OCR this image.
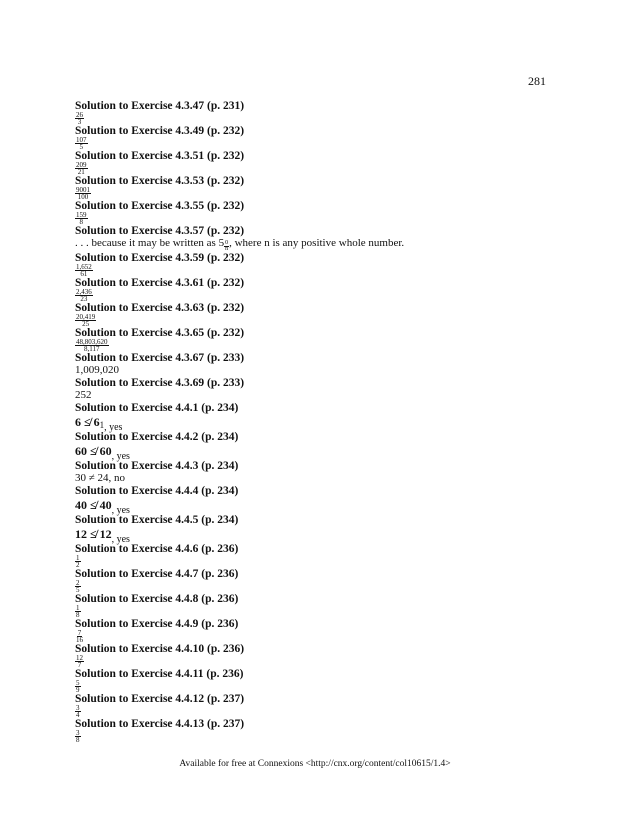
281
Solution to Exercise 4.3.47 (p. 231)
$\frac{26}{3}$
Solution to Exercise 4.3.49 (p. 232)
$\frac{107}{5}$
Solution to Exercise 4.3.51 (p. 232)
$\frac{209}{21}$
Solution to Exercise 4.3.53 (p. 232)
$\frac{9001}{100}$
Solution to Exercise 4.3.55 (p. 232)
$\frac{159}{8}$
Solution to Exercise 4.3.57 (p. 232)
. . . because it may be written as $5 \frac{0}{n}$ , where n is any positive whole number.
Solution to Exercise 4.3.59 (p. 232)
$\frac{1,652}{61}$
Solution to Exercise 4.3.61 (p. 232)
$\frac{2,436}{23}$
Solution to Exercise 4.3.63 (p. 232)
$\frac{20,419}{25}$
Solution to Exercise 4.3.65 (p. 232)
$\frac{48,803,620}{8,117}$
Solution to Exercise 4.3.67 (p. 233)
1,009,020
Solution to Exercise 4.3.69 (p. 233)
252
Solution to Exercise 4.4.1 (p. 234)
6 ≰ 61, yes
Solution to Exercise 4.4.2 (p. 234)
60 ≰ 60, yes
Solution to Exercise 4.4.3 (p. 234)
30 ≠ 24, no
Solution to Exercise 4.4.4 (p. 234)
40 ≰ 40, yes
Solution to Exercise 4.4.5 (p. 234)
12 ≰ 12, yes
Solution to Exercise 4.4.6 (p. 236)
$\frac{1}{2}$
Solution to Exercise 4.4.7 (p. 236)
$\frac{2}{5}$
Solution to Exercise 4.4.8 (p. 236)
$\frac{1}{8}$
Solution to Exercise 4.4.9 (p. 236)
$\frac{7}{16}$
Solution to Exercise 4.4.10 (p. 236)
$\frac{12}{7}$
Solution to Exercise 4.4.11 (p. 236)
$\frac{5}{9}$
Solution to Exercise 4.4.12 (p. 237)
$\frac{3}{4}$
Solution to Exercise 4.4.13 (p. 237)
$\frac{3}{8}$
Available for free at Connexions <http://cnx.org/content/col10615/1.4>
